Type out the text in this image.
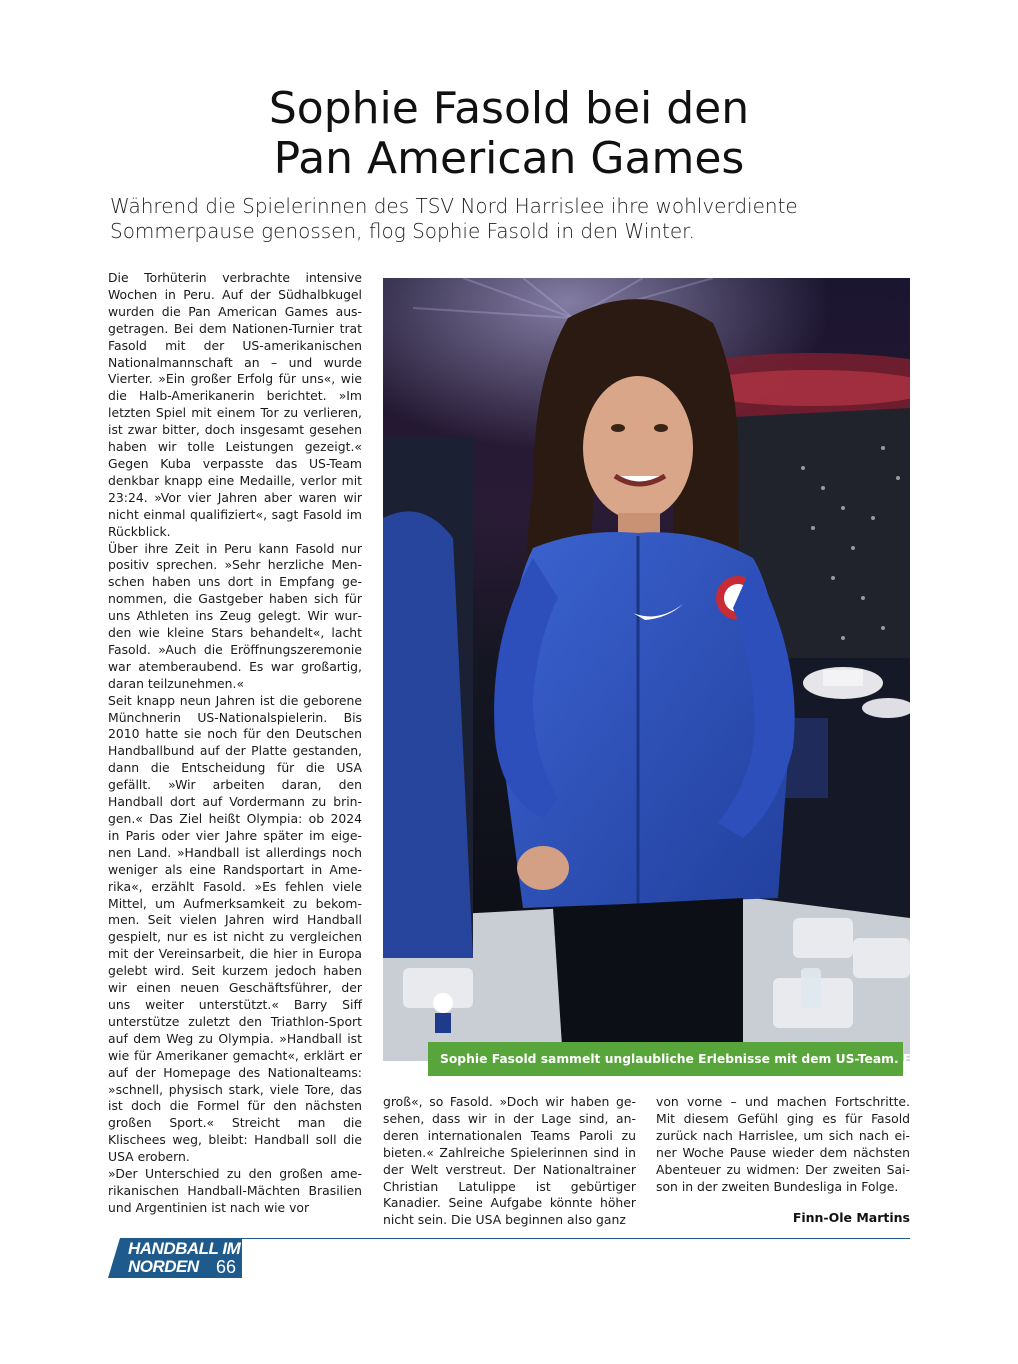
Sophie Fasold bei den
Pan American Games
Während die Spielerinnen des TSV Nord Harrislee ihre wohlverdiente Sommerpause genossen, flog Sophie Fasold in den Winter.

Die Torhüterin verbrachte intensive Wochen in Peru. Auf der Südhalbkugel wurden die Pan American Games ausgetragen. Bei dem Nationen-Turnier trat Fasold mit der US-amerikanischen Nationalmannschaft an – und wurde Vierter. »Ein großer Erfolg für uns«, wie die Halb-Amerikanerin berichtet. »Im letzten Spiel mit einem Tor zu verlieren, ist zwar bitter, doch insgesamt gesehen haben wir tolle Leistungen gezeigt.« Gegen Kuba verpasste das US-Team denkbar knapp eine Medaille, verlor mit 23:24. »Vor vier Jahren aber waren wir nicht einmal qualifiziert«, sagt Fasold im Rückblick.

Über ihre Zeit in Peru kann Fasold nur positiv sprechen. »Sehr herzliche Menschen haben uns dort in Empfang genommen, die Gastgeber haben sich für uns Athleten ins Zeug gelegt. Wir wurden wie kleine Stars behandelt«, lacht Fasold. »Auch die Eröffnungszeremonie war atemberaubend. Es war großartig, daran teilzunehmen.«

Seit knapp neun Jahren ist die geborene Münchnerin US-Nationalspielerin. Bis 2010 hatte sie noch für den Deutschen Handballbund auf der Platte gestanden, dann die Entscheidung für die USA gefällt. »Wir arbeiten daran, den Handball dort auf Vordermann zu bringen.« Das Ziel heißt Olympia: ob 2024 in Paris oder vier Jahre später im eigenen Land. »Handball ist allerdings noch weniger als eine Randsportart in Amerika«, erzählt Fasold. »Es fehlen viele Mittel, um Aufmerksamkeit zu bekommen. Seit vielen Jahren wird Handball gespielt, nur es ist nicht zu vergleichen mit der Vereinsarbeit, die hier in Europa gelebt wird. Seit kurzem jedoch haben wir einen neuen Geschäftsführer, der uns weiter unterstützt.« Barry Siff unterstütze zuletzt den Triathlon-Sport auf dem Weg zu Olympia. »Handball ist wie für Amerikaner gemacht«, erklärt er auf der Homepage des Nationalteams: »schnell, physisch stark, viele Tore, das ist doch die Formel für den nächsten großen Sport.« Streicht man die Klischees weg, bleibt: Handball soll die USA erobern.

»Der Unterschied zu den großen amerikanischen Handball-Mächten Brasilien und Argentinien ist nach wie vor

Sophie Fasold sammelt unglaubliche Erlebnisse mit dem US-Team. Foto: Privat

groß«, so Fasold. »Doch wir haben gesehen, dass wir in der Lage sind, anderen internationalen Teams Paroli zu bieten.« Zahlreiche Spielerinnen sind in der Welt verstreut. Der Nationaltrainer Christian Latulippe ist gebürtiger Kanadier. Seine Aufgabe könnte höher nicht sein. Die USA beginnen also ganz

von vorne – und machen Fortschritte. Mit diesem Gefühl ging es für Fasold zurück nach Harrislee, um sich nach einer Woche Pause wieder dem nächsten Abenteuer zu widmen: Der zweiten Saison in der zweiten Bundesliga in Folge.

Finn-Ole Martins
HANDBALL IM
NORDEN 66
